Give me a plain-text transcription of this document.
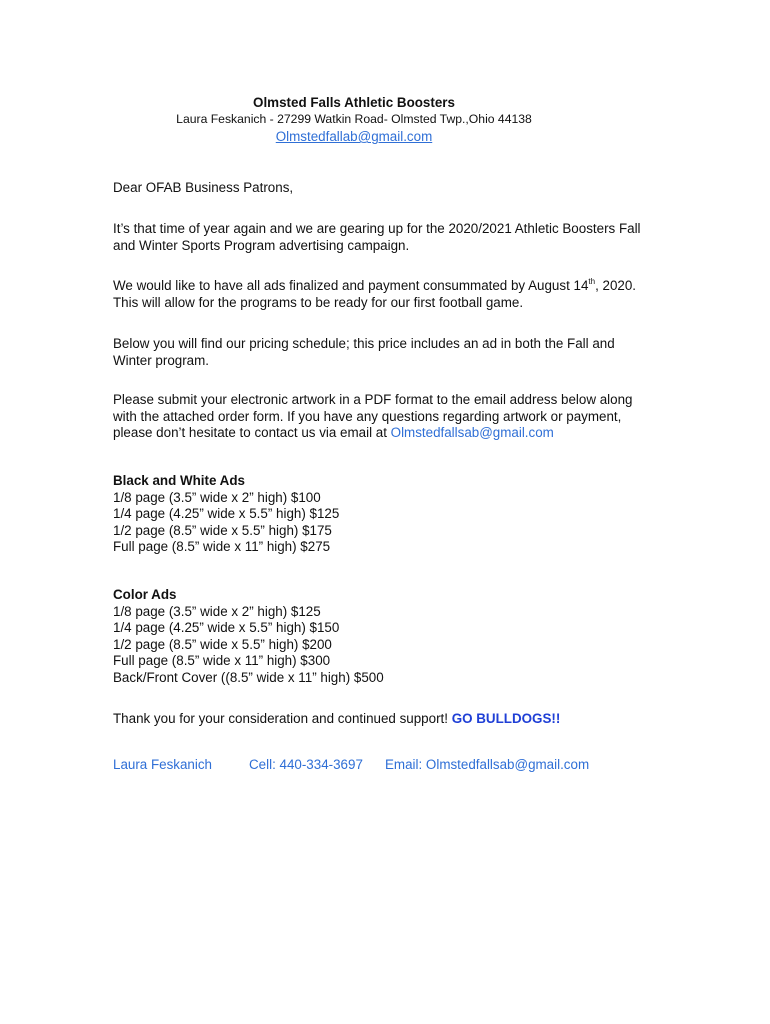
Olmsted Falls Athletic Boosters
Laura Feskanich - 27299 Watkin Road- Olmsted Twp.,Ohio 44138
Olmstedfallab@gmail.com

Dear OFAB Business Patrons,

It’s that time of year again and we are gearing up for the 2020/2021 Athletic Boosters Fall and Winter Sports Program advertising campaign.

We would like to have all ads finalized and payment consummated by August 14th, 2020. This will allow for the programs to be ready for our first football game.

Below you will find our pricing schedule; this price includes an ad in both the Fall and Winter program.

Please submit your electronic artwork in a PDF format to the email address below along with the attached order form. If you have any questions regarding artwork or payment, please don’t hesitate to contact us via email at Olmstedfallsab@gmail.com

Black and White Ads
1/8 page (3.5” wide x 2” high) $100
1/4 page (4.25” wide x 5.5” high) $125
1/2 page (8.5” wide x 5.5” high) $175
Full page (8.5” wide x 11” high) $275
Color Ads
1/8 page (3.5” wide x 2” high) $125
1/4 page (4.25” wide x 5.5” high) $150
1/2 page (8.5” wide x 5.5” high) $200
Full page (8.5” wide x 11” high) $300
Back/Front Cover ((8.5” wide x 11” high) $500

Thank you for your consideration and continued support! GO BULLDOGS!!

Laura Feskanich	Cell: 440-334-3697 Email: Olmstedfallsab@gmail.com
